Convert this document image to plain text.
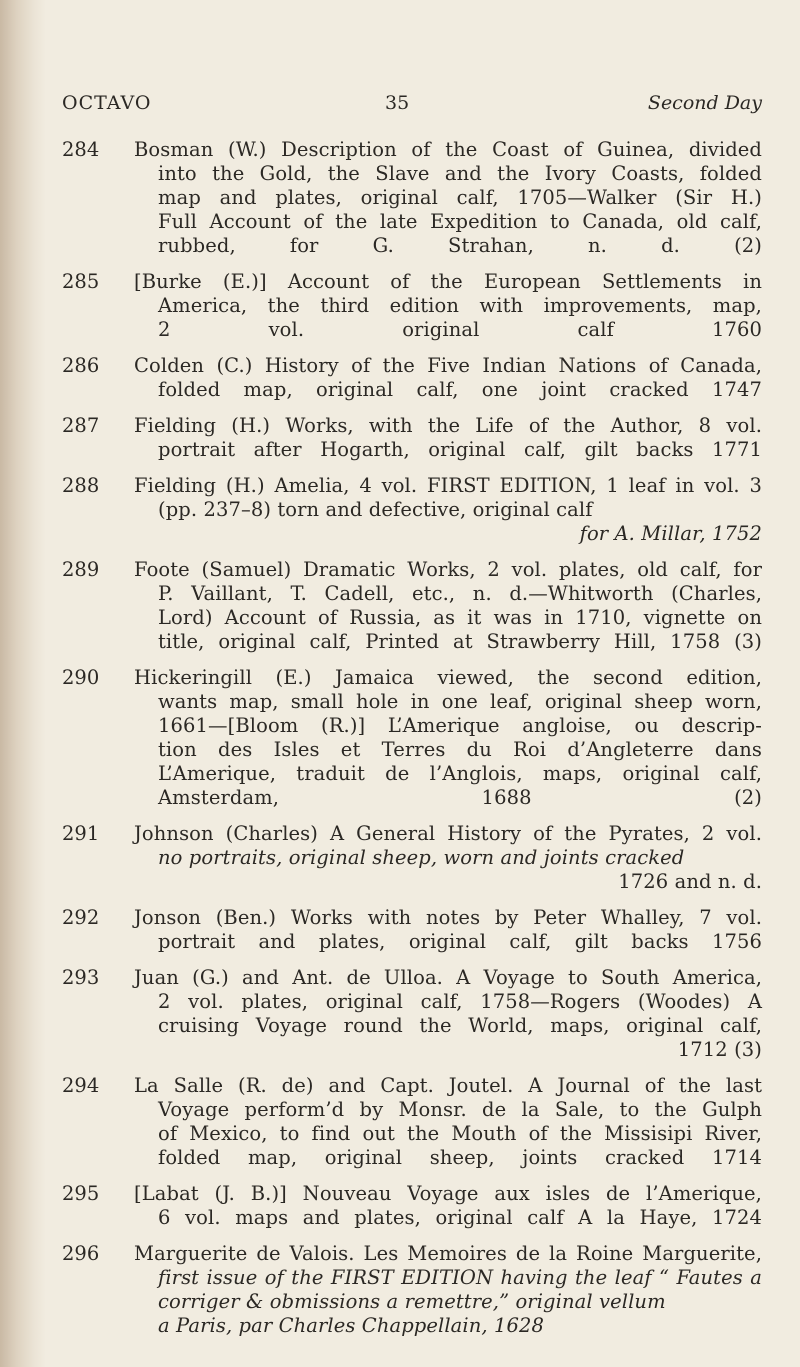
OCTAVO	35	Second Day
284 Bosman (W.) Description of the Coast of Guinea, divided
into the Gold, the Slave and the Ivory Coasts, folded
map and plates, original calf, 1705—Walker (Sir H.)
Full Account of the late Expedition to Canada, old calf,
rubbed, for G. Strahan, n. d. (2)
285 [Burke (E.)] Account of the European Settlements in
America, the third edition with improvements, map,
2 vol. original calf 1760
286 Colden (C.) History of the Five Indian Nations of Canada,
folded map, original calf, one joint cracked 1747
287 Fielding (H.) Works, with the Life of the Author, 8 vol.
portrait after Hogarth, original calf, gilt backs 1771
288 Fielding (H.) Amelia, 4 vol. FIRST EDITION, 1 leaf in vol. 3
(pp. 237–8) torn and defective, original calf
for A. Millar, 1752
289 Foote (Samuel) Dramatic Works, 2 vol. plates, old calf, for
P. Vaillant, T. Cadell, etc., n. d.—Whitworth (Charles,
Lord) Account of Russia, as it was in 1710, vignette on
title, original calf, Printed at Strawberry Hill, 1758 (3)
290 Hickeringill (E.) Jamaica viewed, the second edition,
wants map, small hole in one leaf, original sheep worn,
1661—[Bloom (R.)] L’Amerique angloise, ou descrip-
tion des Isles et Terres du Roi d’Angleterre dans
L’Amerique, traduit de l’Anglois, maps, original calf,
Amsterdam, 1688 (2)
291 Johnson (Charles) A General History of the Pyrates, 2 vol.
no portraits, original sheep, worn and joints cracked
1726 and n. d.
292 Jonson (Ben.) Works with notes by Peter Whalley, 7 vol.
portrait and plates, original calf, gilt backs 1756
293 Juan (G.) and Ant. de Ulloa. A Voyage to South America,
2 vol. plates, original calf, 1758—Rogers (Woodes) A
cruising Voyage round the World, maps, original calf,
1712 (3)
294 La Salle (R. de) and Capt. Joutel. A Journal of the last
Voyage perform’d by Monsr. de la Sale, to the Gulph
of Mexico, to find out the Mouth of the Missisipi River,
folded map, original sheep, joints cracked 1714
295 [Labat (J. B.)] Nouveau Voyage aux isles de l’Amerique,
6 vol. maps and plates, original calf A la Haye, 1724
296 Marguerite de Valois. Les Memoires de la Roine Marguerite,
first issue of the FIRST EDITION having the leaf “ Fautes a
corriger & obmissions a remettre,” original vellum
a Paris, par Charles Chappellain, 1628
